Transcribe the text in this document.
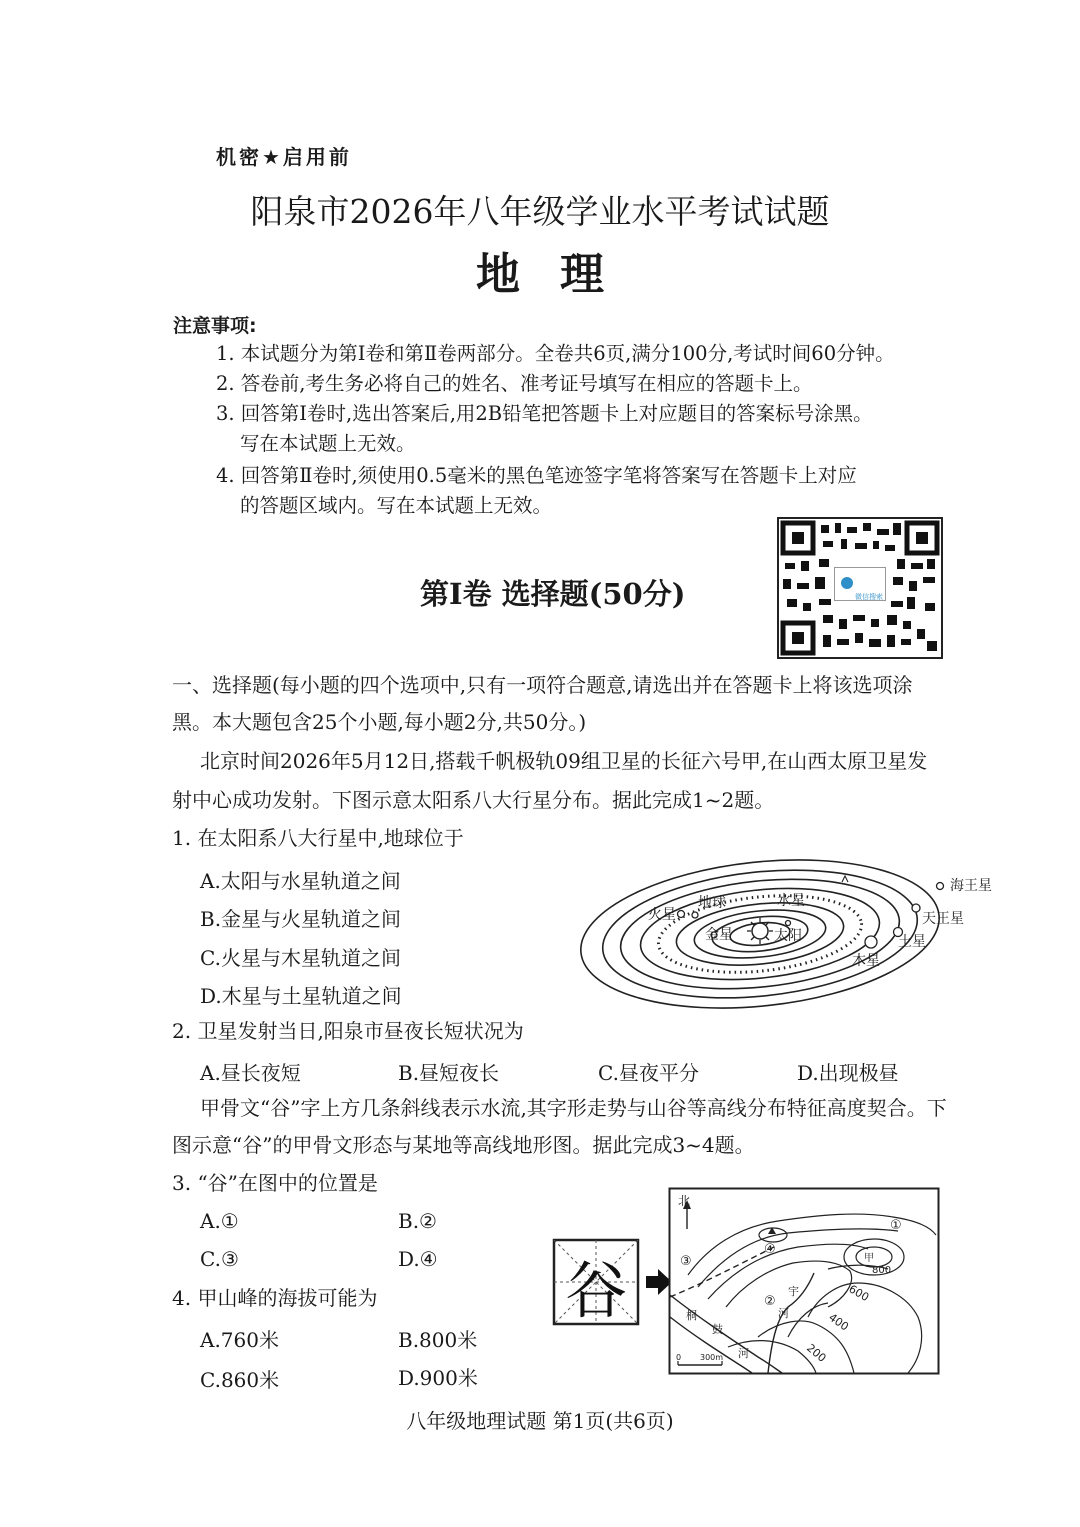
机密★启用前
阳泉市2026年八年级学业水平考试试题
地理
注意事项:
1. 本试题分为第Ⅰ卷和第Ⅱ卷两部分。全卷共6页,满分100分,考试时间60分钟。
2. 答卷前,考生务必将自己的姓名、准考证号填写在相应的答题卡上。
3. 回答第Ⅰ卷时,选出答案后,用2B铅笔把答题卡上对应题目的答案标号涂黑。
写在本试题上无效。
4. 回答第Ⅱ卷时,须使用0.5毫米的黑色笔迹签字笔将答案写在答题卡上对应
的答题区域内。写在本试题上无效。
第Ⅰ卷 选择题(50分)	微信搜索
一、选择题(每小题的四个选项中,只有一项符合题意,请选出并在答题卡上将该选项涂
黑。本大题包含25个小题,每小题2分,共50分。)
北京时间2026年5月12日,搭载千帆极轨09组卫星的长征六号甲,在山西太原卫星发
射中心成功发射。下图示意太阳系八大行星分布。据此完成1~2题。
1. 在太阳系八大行星中,地球位于
A.太阳与水星轨道之间
B.金星与火星轨道之间
C.火星与木星轨道之间
D.木星与土星轨道之间
海王星
天王星
土星
木星
火星
地球
金星
水星
太阳
2. 卫星发射当日,阳泉市昼夜长短状况为
A.昼长夜短	B.昼短夜长	C.昼夜平分	D.出现极昼
甲骨文“谷”字上方几条斜线表示水流,其字形走势与山谷等高线分布特征高度契合。下
图示意“谷”的甲骨文形态与某地等高线地形图。据此完成3~4题。
3. “谷”在图中的位置是
A.①	B.②
C.③	D.④
4. 甲山峰的海拔可能为
A.760米	B.800米
C.860米	D.900米
谷
北
①
②
③
④
甲
800
600
400
200
宇
河
桐
鼓
河
0 300m
八年级地理试题 第1页(共6页)
